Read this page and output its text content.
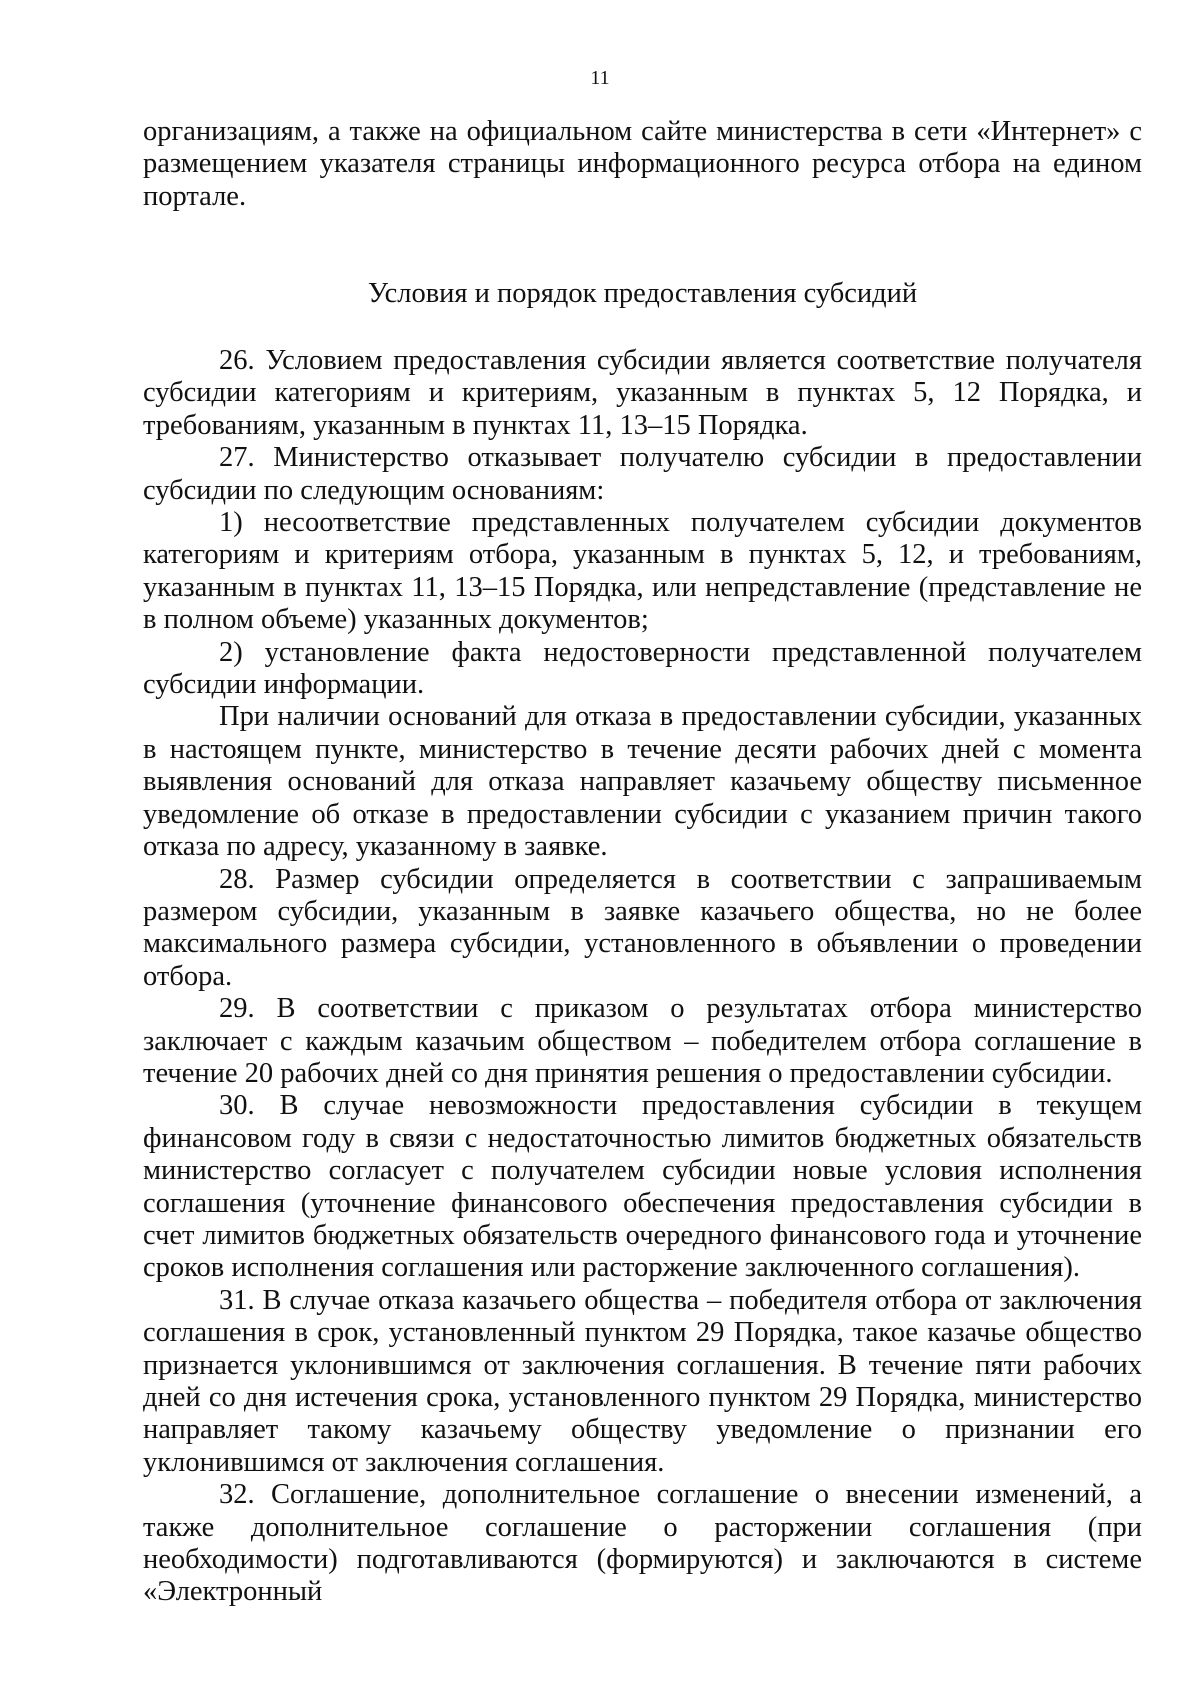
11

организациям, а также на официальном сайте министерства в сети «Интернет» с размещением указателя страницы информационного ресурса отбора на едином портале.

Условия и порядок предоставления субсидий

26. Условием предоставления субсидии является соответствие получателя субсидии категориям и критериям, указанным в пунктах 5, 12 Порядка, и требованиям, указанным в пунктах 11, 13–15 Порядка.

27. Министерство отказывает получателю субсидии в предоставлении субсидии по следующим основаниям:

1) несоответствие представленных получателем субсидии документов категориям и критериям отбора, указанным в пунктах 5, 12, и требованиям, указанным в пунктах 11, 13–15 Порядка, или непредставление (представление не в полном объеме) указанных документов;

2) установление факта недостоверности представленной получателем субсидии информации.

При наличии оснований для отказа в предоставлении субсидии, указанных в настоящем пункте, министерство в течение десяти рабочих дней с момента выявления оснований для отказа направляет казачьему обществу письменное уведомление об отказе в предоставлении субсидии с указанием причин такого отказа по адресу, указанному в заявке.

28. Размер субсидии определяется в соответствии с запрашиваемым размером субсидии, указанным в заявке казачьего общества, но не более максимального размера субсидии, установленного в объявлении о проведении отбора.

29. В соответствии с приказом о результатах отбора министерство заключает с каждым казачьим обществом – победителем отбора соглашение в течение 20 рабочих дней со дня принятия решения о предоставлении субсидии.

30. В случае невозможности предоставления субсидии в текущем финансовом году в связи с недостаточностью лимитов бюджетных обязательств министерство согласует с получателем субсидии новые условия исполнения соглашения (уточнение финансового обеспечения предоставления субсидии в счет лимитов бюджетных обязательств очередного финансового года и уточнение сроков исполнения соглашения или расторжение заключенного соглашения).

31. В случае отказа казачьего общества – победителя отбора от заключения соглашения в срок, установленный пунктом 29 Порядка, такое казачье общество признается уклонившимся от заключения соглашения. В течение пяти рабочих дней со дня истечения срока, установленного пунктом 29 Порядка, министерство направляет такому казачьему обществу уведомление о признании его уклонившимся от заключения соглашения.

32. Соглашение, дополнительное соглашение о внесении изменений, а также дополнительное соглашение о расторжении соглашения (при необходимости) подготавливаются (формируются) и заключаются в системе «Электронный
